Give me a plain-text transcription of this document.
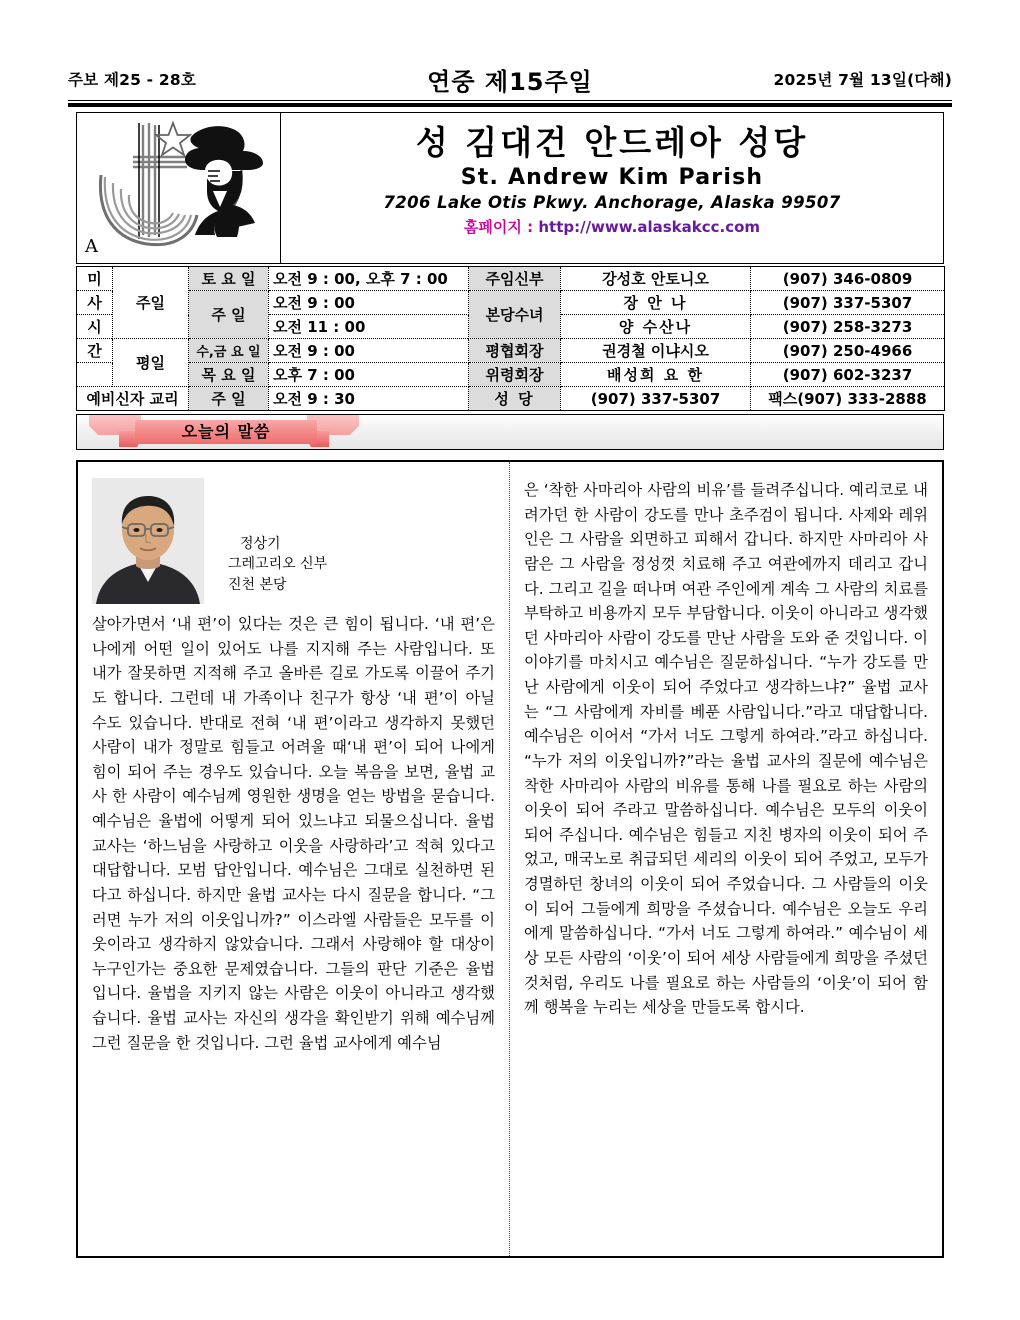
주보 제25 - 28호	연중 제15주일	2025년 7월 13일(다해)
A
성 김대건 안드레아 성당
St. Andrew Kim Parish
7206 Lake Otis Pkwy. Anchorage, Alaska 99507
홈페이지 : http://www.alaskakcc.com
미	주일	토 요 일	오전 9 : 00, 오후 7 : 00	주임신부	강성호 안토니오	(907) 346-0809
사		주 일	오전 9 : 00	본당수녀	장 안 나	(907) 337-5307
시			오전 11 : 00		양 수산나	(907) 258-3273
간	평일	수,금 요 일	오전 9 : 00	평협회장	권경철 이냐시오	(907) 250-4966
		목 요 일	오후 7 : 00	위령회장	배성희 요 한	(907) 602-3237
예비신자 교리		주 일	오전 9 : 30	성 당	(907) 337-5307	팩스(907) 333-2888
오늘의 말씀
정상기
그레고리오 신부
진천 본당

살아가면서 ‘내 편’이 있다는 것은 큰 힘이 됩니다. ‘내 편’은 나에게 어떤 일이 있어도 나를 지지해 주는 사람입니다. 또 내가 잘못하면 지적해 주고 올바른 길로 가도록 이끌어 주기도 합니다. 그런데 내 가족이나 친구가 항상 ‘내 편’이 아닐 수도 있습니다. 반대로 전혀 ‘내 편’이라고 생각하지 못했던 사람이 내가 정말로 힘들고 어려울 때‘내 편’이 되어 나에게 힘이 되어 주는 경우도 있습니다. 오늘 복음을 보면, 율법 교사 한 사람이 예수님께 영원한 생명을 얻는 방법을 묻습니다. 예수님은 율법에 어떻게 되어 있느냐고 되물으십니다. 율법 교사는 ‘하느님을 사랑하고 이웃을 사랑하라’고 적혀 있다고 대답합니다. 모범 답안입니다. 예수님은 그대로 실천하면 된다고 하십니다. 하지만 율법 교사는 다시 질문을 합니다. “그러면 누가 저의 이웃입니까?” 이스라엘 사람들은 모두를 이웃이라고 생각하지 않았습니다. 그래서 사랑해야 할 대상이 누구인가는 중요한 문제였습니다. 그들의 판단 기준은 율법입니다. 율법을 지키지 않는 사람은 이웃이 아니라고 생각했습니다. 율법 교사는 자신의 생각을 확인받기 위해 예수님께 그런 질문을 한 것입니다. 그런 율법 교사에게 예수님

은 ‘착한 사마리아 사람의 비유’를 들려주십니다. 예리코로 내려가던 한 사람이 강도를 만나 초주검이 됩니다. 사제와 레위인은 그 사람을 외면하고 피해서 갑니다. 하지만 사마리아 사람은 그 사람을 정성껏 치료해 주고 여관에까지 데리고 갑니다. 그리고 길을 떠나며 여관 주인에게 계속 그 사람의 치료를 부탁하고 비용까지 모두 부담합니다. 이웃이 아니라고 생각했던 사마리아 사람이 강도를 만난 사람을 도와 준 것입니다. 이 이야기를 마치시고 예수님은 질문하십니다. “누가 강도를 만난 사람에게 이웃이 되어 주었다고 생각하느냐?” 율법 교사는 “그 사람에게 자비를 베푼 사람입니다.”라고 대답합니다. 예수님은 이어서 “가서 너도 그렇게 하여라.”라고 하십니다. “누가 저의 이웃입니까?”라는 율법 교사의 질문에 예수님은 착한 사마리아 사람의 비유를 통해 나를 필요로 하는 사람의 이웃이 되어 주라고 말씀하십니다. 예수님은 모두의 이웃이 되어 주십니다. 예수님은 힘들고 지친 병자의 이웃이 되어 주었고, 매국노로 취급되던 세리의 이웃이 되어 주었고, 모두가 경멸하던 창녀의 이웃이 되어 주었습니다. 그 사람들의 이웃이 되어 그들에게 희망을 주셨습니다. 예수님은 오늘도 우리에게 말씀하십니다. “가서 너도 그렇게 하여라.” 예수님이 세상 모든 사람의 ‘이웃’이 되어 세상 사람들에게 희망을 주셨던 것처럼, 우리도 나를 필요로 하는 사람들의 ‘이웃’이 되어 함께 행복을 누리는 세상을 만들도록 합시다.
